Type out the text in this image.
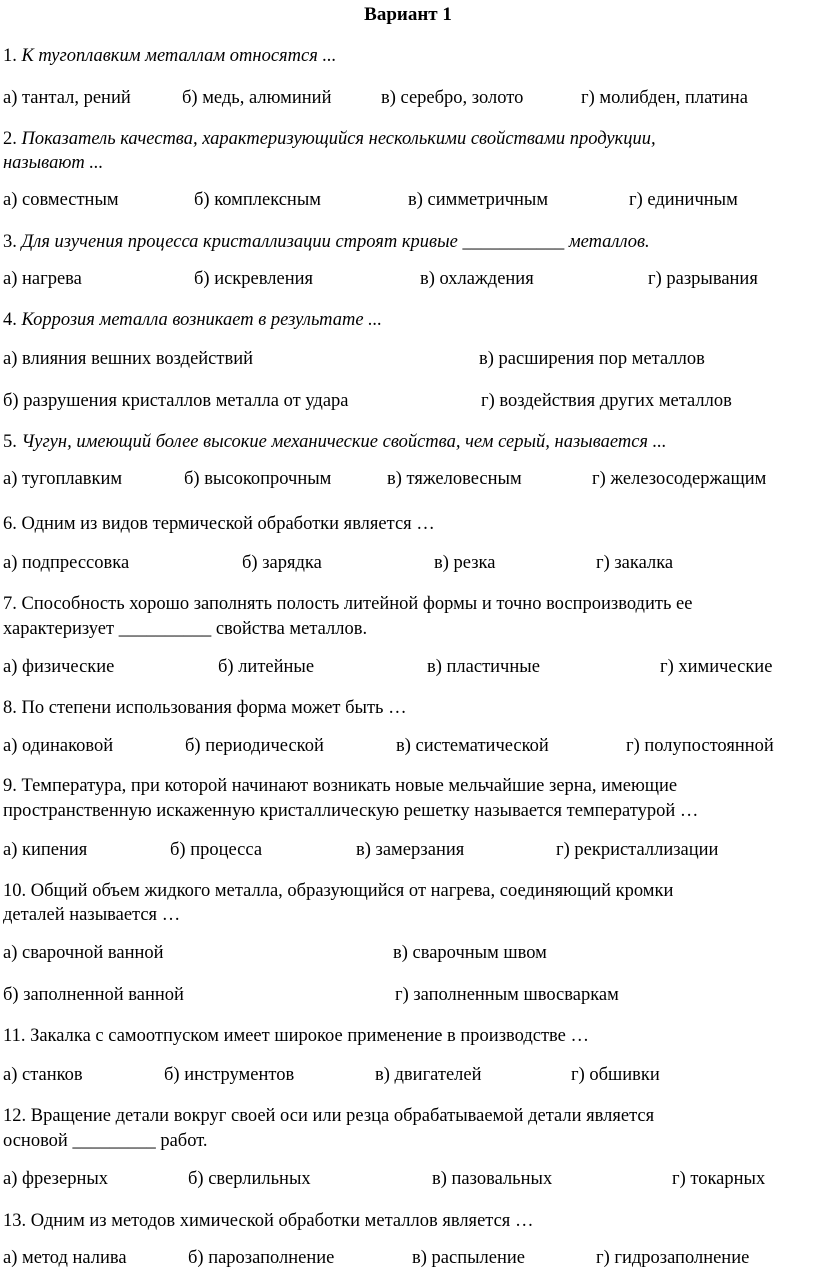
Вариант 1
1. К тугоплавким металлам относятся ...
а) тантал, рений	б) медь, алюминий	в) серебро, золото	г) молибден, платина
2. Показатель качества, характеризующийся несколькими свойствами продукции,
называют ...
а) совместным	б) комплексным	в) симметричным	г) единичным
3. Для изучения процесса кристаллизации строят кривые ___________ металлов.
а) нагрева	б) искревления	в) охлаждения	г) разрывания
4. Коррозия металла возникает в результате ...
а) влияния вешних воздействий	в) расширения пор металлов
б) разрушения кристаллов металла от удара	г) воздействия других металлов
5. Чугун, имеющий более высокие механические свойства, чем серый, называется ...
а) тугоплавким	б) высокопрочным	в) тяжеловесным	г) железосодержащим
6. Одним из видов термической обработки является …
а) подпрессовка	б) зарядка	в) резка	г) закалка
7. Способность хорошо заполнять полость литейной формы и точно воспроизводить ее
характеризует __________ свойства металлов.
а) физические	б) литейные	в) пластичные	г) химические
8. По степени использования форма может быть …
а) одинаковой	б) периодической	в) систематической	г) полупостоянной
9. Температура, при которой начинают возникать новые мельчайшие зерна, имеющие
пространственную искаженную кристаллическую решетку называется температурой …
а) кипения	б) процесса	в) замерзания	г) рекристаллизации
10. Общий объем жидкого металла, образующийся от нагрева, соединяющий кромки
деталей называется …
а) сварочной ванной	в) сварочным швом
б) заполненной ванной	г) заполненным швосваркам
11. Закалка с самоотпуском имеет широкое применение в производстве …
а) станков	б) инструментов	в) двигателей	г) обшивки
12. Вращение детали вокруг своей оси или резца обрабатываемой детали является
основой _________ работ.
а) фрезерных	б) сверлильных	в) пазовальных	г) токарных
13. Одним из методов химической обработки металлов является …
а) метод налива	б) парозаполнение	в) распыление	г) гидрозаполнение
